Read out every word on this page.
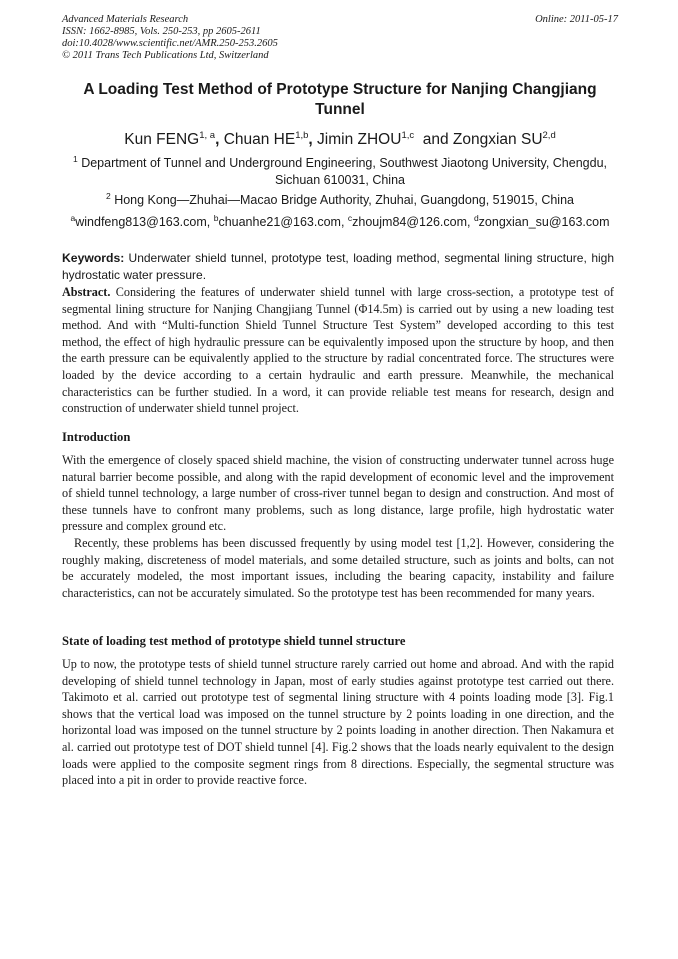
Advanced Materials Research
ISSN: 1662-8985, Vols. 250-253, pp 2605-2611
doi:10.4028/www.scientific.net/AMR.250-253.2605
© 2011 Trans Tech Publications Ltd, Switzerland
Online: 2011-05-17
A Loading Test Method of Prototype Structure for Nanjing Changjiang Tunnel
Kun FENG$^{1, a}$, Chuan HE$^{1,b}$, Jimin ZHOU$^{1,c}$  and Zongxian SU$^{2,d}$
$^1$ Department of Tunnel and Underground Engineering, Southwest Jiaotong University, Chengdu, Sichuan 610031, China
$^2$ Hong Kong—Zhuhai—Macao Bridge Authority, Zhuhai, Guangdong, 519015, China
$^a$windfeng813@163.com, $^b$chuanhe21@163.com, $^c$zhoujm84@126.com, $^d$zongxian_su@163.com
Keywords: Underwater shield tunnel, prototype test, loading method, segmental lining structure, high hydrostatic water pressure.
Abstract. Considering the features of underwater shield tunnel with large cross-section, a prototype test of segmental lining structure for Nanjing Changjiang Tunnel (Φ14.5m) is carried out by using a new loading test method. And with “Multi-function Shield Tunnel Structure Test System” developed according to this test method, the effect of high hydraulic pressure can be equivalently imposed upon the structure by hoop, and then the earth pressure can be equivalently applied to the structure by radial concentrated force. The structures were loaded by the device according to a certain hydraulic and earth pressure. Meanwhile, the mechanical characteristics can be further studied. In a word, it can provide reliable test means for research, design and construction of underwater shield tunnel project.
Introduction
With the emergence of closely spaced shield machine, the vision of constructing underwater tunnel across huge natural barrier become possible, and along with the rapid development of economic level and the improvement of shield tunnel technology, a large number of cross-river tunnel began to design and construction. And most of these tunnels have to confront many problems, such as long distance, large profile, high hydrostatic water pressure and complex ground etc.
Recently, these problems has been discussed frequently by using model test [1,2]. However, considering the roughly making, discreteness of model materials, and some detailed structure, such as joints and bolts, can not be accurately modeled, the most important issues, including the bearing capacity, instability and failure characteristics, can not be accurately simulated. So the prototype test has been recommended for many years.
State of loading test method of prototype shield tunnel structure
Up to now, the prototype tests of shield tunnel structure rarely carried out home and abroad. And with the rapid developing of shield tunnel technology in Japan, most of early studies against prototype test carried out there. Takimoto et al. carried out prototype test of segmental lining structure with 4 points loading mode [3]. Fig.1 shows that the vertical load was imposed on the tunnel structure by 2 points loading in one direction, and the horizontal load was imposed on the tunnel structure by 2 points loading in another direction. Then Nakamura et al. carried out prototype test of DOT shield tunnel [4]. Fig.2 shows that the loads nearly equivalent to the design loads were applied to the composite segment rings from 8 directions. Especially, the segmental structure was placed into a pit in order to provide reactive force.
